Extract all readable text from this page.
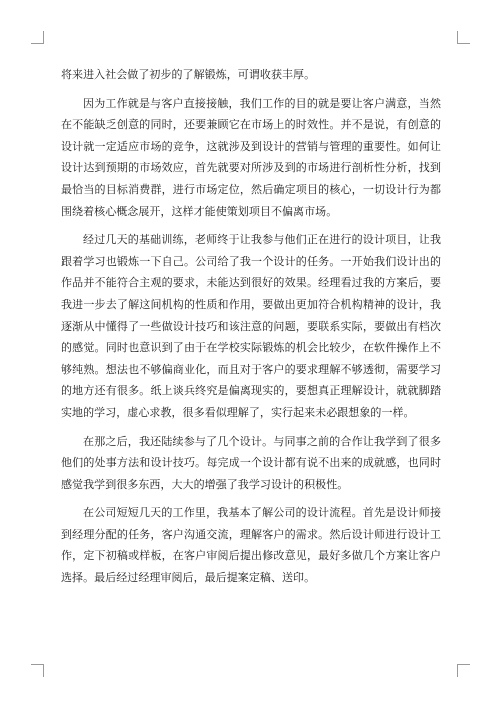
将来进入社会做了初步的了解锻炼，可谓收获丰厚。

因为工作就是与客户直接接触，我们工作的目的就是要让客户满意，当然在不能缺乏创意的同时，还要兼顾它在市场上的时效性。并不是说，有创意的设计就一定适应市场的竞争，这就涉及到设计的营销与管理的重要性。如何让设计达到预期的市场效应，首先就要对所涉及到的市场进行剖析性分析，找到最恰当的目标消费群，进行市场定位，然后确定项目的核心，一切设计行为都围绕着核心概念展开，这样才能使策划项目不偏离市场。

经过几天的基础训练，老师终于让我参与他们正在进行的设计项目，让我跟着学习也锻炼一下自己。公司给了我一个设计的任务。一开始我们设计出的作品并不能符合主观的要求，未能达到很好的效果。经理看过我的方案后，要我进一步去了解这间机构的性质和作用，要做出更加符合机构精神的设计，我逐渐从中懂得了一些做设计技巧和该注意的问题，要联系实际，要做出有档次的感觉。同时也意识到了由于在学校实际锻炼的机会比较少，在软件操作上不够纯熟。想法也不够偏商业化，而且对于客户的要求理解不够透彻，需要学习的地方还有很多。纸上谈兵终究是偏离现实的，要想真正理解设计，就就脚踏实地的学习，虚心求教，很多看似理解了，实行起来未必跟想象的一样。

在那之后，我还陆续参与了几个设计。与同事之前的合作让我学到了很多他们的处事方法和设计技巧。每完成一个设计都有说不出来的成就感，也同时感觉我学到很多东西，大大的增强了我学习设计的积极性。

在公司短短几天的工作里，我基本了解公司的设计流程。首先是设计师接到经理分配的任务，客户沟通交流，理解客户的需求。然后设计师进行设计工作，定下初稿或样板，在客户审阅后提出修改意见，最好多做几个方案让客户选择。最后经过经理审阅后，最后提案定稿、送印。
